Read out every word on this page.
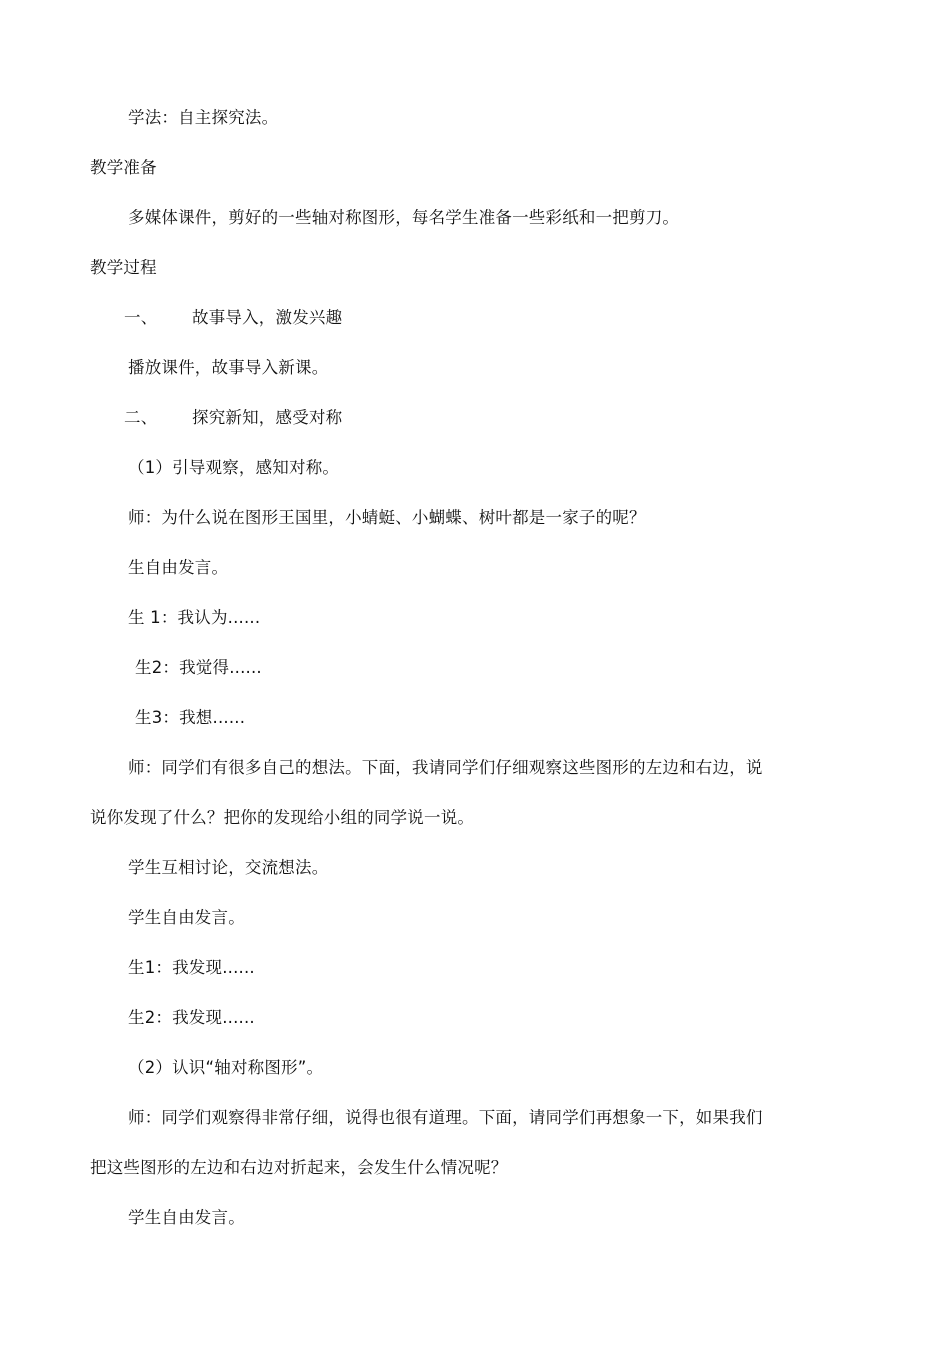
学法：自主探究法。
教学准备
多媒体课件，剪好的一些轴对称图形，每名学生准备一些彩纸和一把剪刀。
教学过程
一、 故事导入，激发兴趣
播放课件，故事导入新课。
二、 探究新知，感受对称
（1）引导观察，感知对称。
师：为什么说在图形王国里，小蜻蜓、小蝴蝶、树叶都是一家子的呢？
生自由发言。
生 1：我认为......
生2：我觉得......
生3：我想......
师：同学们有很多自己的想法。下面，我请同学们仔细观察这些图形的左边和右边，说
说你发现了什么？把你的发现给小组的同学说一说。
学生互相讨论，交流想法。
学生自由发言。
生1：我发现......
生2：我发现......
（2）认识“轴对称图形”。
师：同学们观察得非常仔细，说得也很有道理。下面，请同学们再想象一下，如果我们
把这些图形的左边和右边对折起来，会发生什么情况呢？
学生自由发言。
